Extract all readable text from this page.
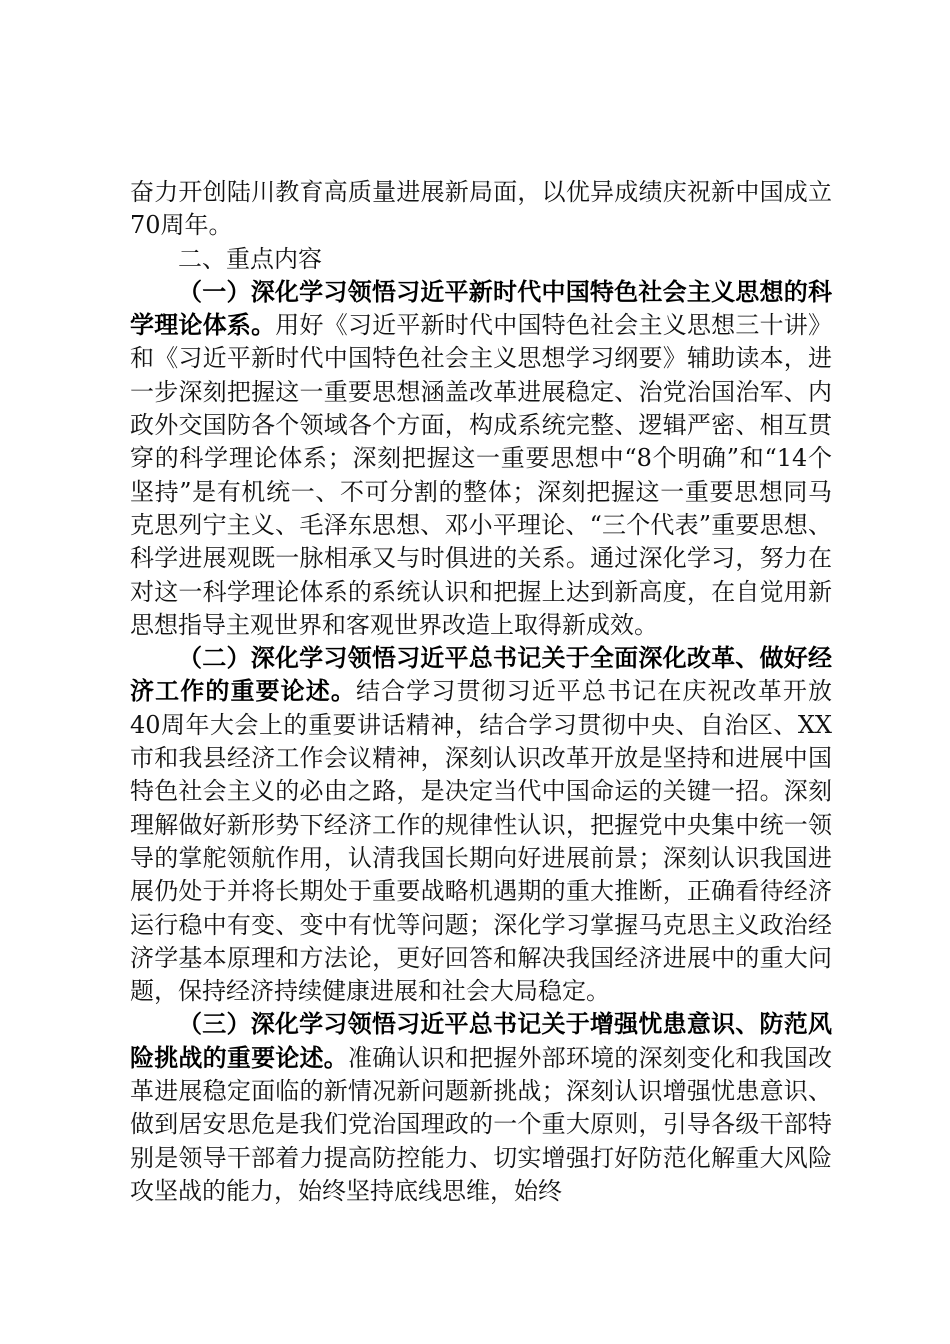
奋力开创陆川教育高质量进展新局面，以优异成绩庆祝新中国成立70周年。

二、重点内容

（一）深化学习领悟习近平新时代中国特色社会主义思想的科学理论体系。用好《习近平新时代中国特色社会主义思想三十讲》和《习近平新时代中国特色社会主义思想学习纲要》辅助读本，进一步深刻把握这一重要思想涵盖改革进展稳定、治党治国治军、内政外交国防各个领域各个方面，构成系统完整、逻辑严密、相互贯穿的科学理论体系；深刻把握这一重要思想中“8个明确”和“14个坚持”是有机统一、不可分割的整体；深刻把握这一重要思想同马克思列宁主义、毛泽东思想、邓小平理论、“三个代表”重要思想、科学进展观既一脉相承又与时俱进的关系。通过深化学习，努力在对这一科学理论体系的系统认识和把握上达到新高度，在自觉用新思想指导主观世界和客观世界改造上取得新成效。

（二）深化学习领悟习近平总书记关于全面深化改革、做好经济工作的重要论述。结合学习贯彻习近平总书记在庆祝改革开放40周年大会上的重要讲话精神，结合学习贯彻中央、自治区、XX市和我县经济工作会议精神，深刻认识改革开放是坚持和进展中国特色社会主义的必由之路，是决定当代中国命运的关键一招。深刻理解做好新形势下经济工作的规律性认识，把握党中央集中统一领导的掌舵领航作用，认清我国长期向好进展前景；深刻认识我国进展仍处于并将长期处于重要战略机遇期的重大推断，正确看待经济运行稳中有变、变中有忧等问题；深化学习掌握马克思主义政治经济学基本原理和方法论，更好回答和解决我国经济进展中的重大问题，保持经济持续健康进展和社会大局稳定。

（三）深化学习领悟习近平总书记关于增强忧患意识、防范风险挑战的重要论述。准确认识和把握外部环境的深刻变化和我国改革进展稳定面临的新情况新问题新挑战；深刻认识增强忧患意识、做到居安思危是我们党治国理政的一个重大原则，引导各级干部特别是领导干部着力提高防控能力、切实增强打好防范化解重大风险攻坚战的能力，始终坚持底线思维，始终
